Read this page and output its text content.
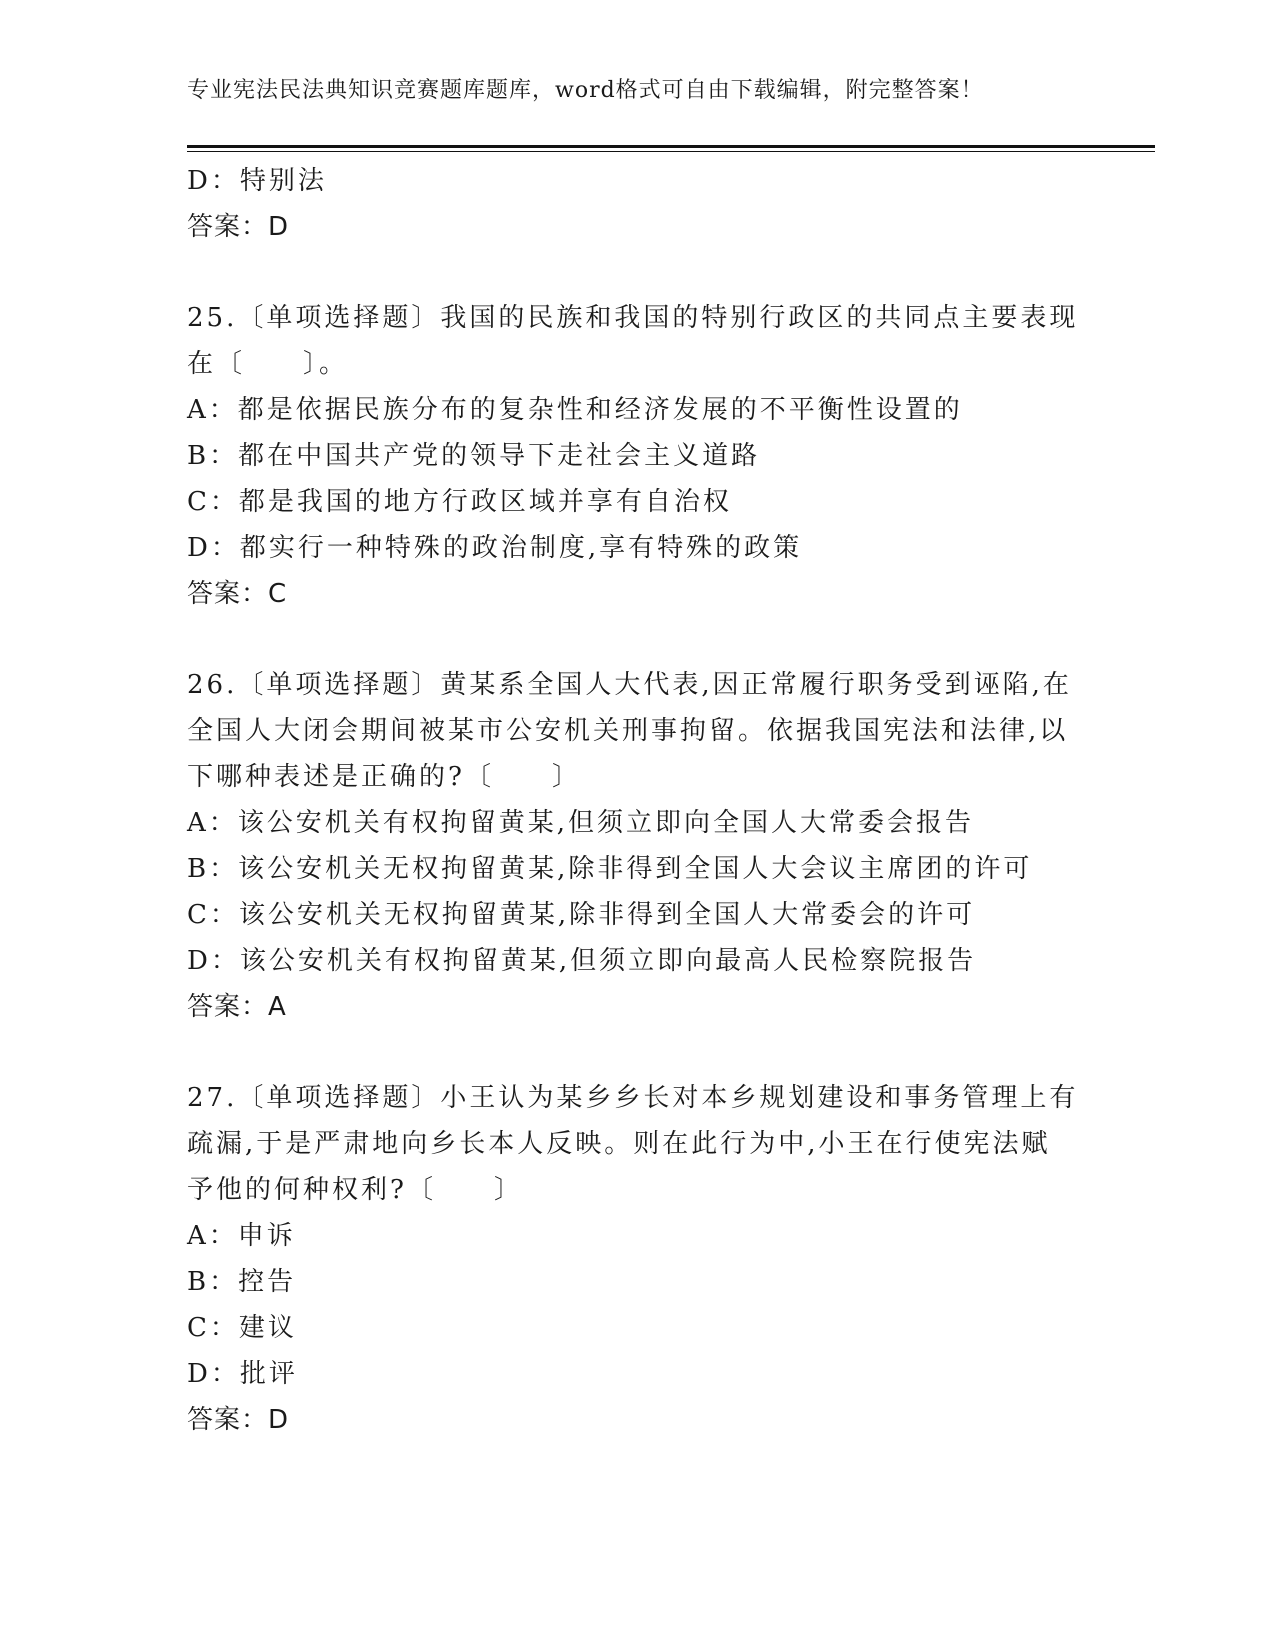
专业宪法民法典知识竞赛题库题库，word格式可自由下载编辑，附完整答案！

D：特别法

答案：D

25.〔单项选择题〕我国的民族和我国的特别行政区的共同点主要表现
在〔　　〕。

A：都是依据民族分布的复杂性和经济发展的不平衡性设置的

B：都在中国共产党的领导下走社会主义道路

C：都是我国的地方行政区域并享有自治权

D：都实行一种特殊的政治制度,享有特殊的政策

答案：C

26.〔单项选择题〕黄某系全国人大代表,因正常履行职务受到诬陷,在
全国人大闭会期间被某市公安机关刑事拘留。依据我国宪法和法律,以
下哪种表述是正确的?〔　　〕

A：该公安机关有权拘留黄某,但须立即向全国人大常委会报告

B：该公安机关无权拘留黄某,除非得到全国人大会议主席团的许可

C：该公安机关无权拘留黄某,除非得到全国人大常委会的许可

D：该公安机关有权拘留黄某,但须立即向最高人民检察院报告

答案：A

27.〔单项选择题〕小王认为某乡乡长对本乡规划建设和事务管理上有
疏漏,于是严肃地向乡长本人反映。则在此行为中,小王在行使宪法赋
予他的何种权利?〔　　〕

A：申诉

B：控告

C：建议

D：批评

答案：D
